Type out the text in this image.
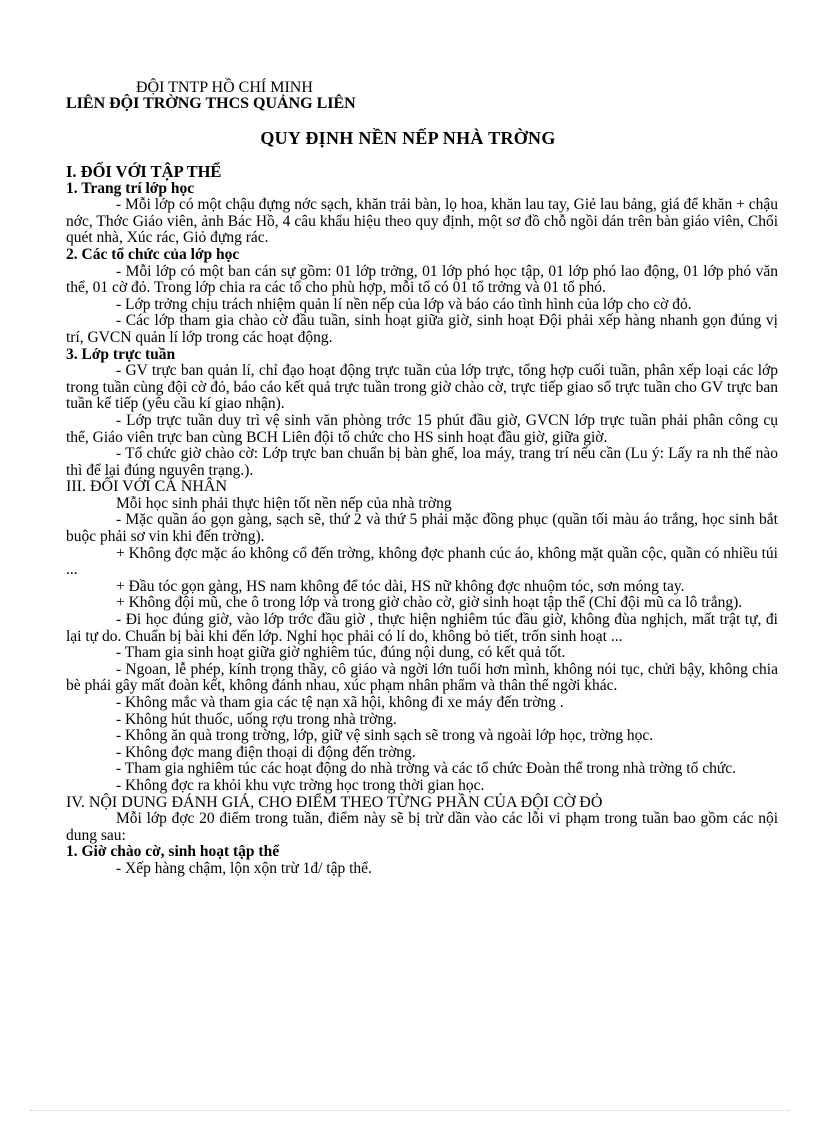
ĐỘI TNTP HỒ CHÍ MINH
LIÊN ĐỘI TRỜNG THCS QUẢNG LIÊN
QUY ĐỊNH NỀN NẾP NHÀ TRỜNG

I. ĐỐI VỚI TẬP THỂ

1. Trang trí lớp học

- Mỗi lớp có một chậu đựng nớc sạch, khăn trải bàn, lọ hoa, khăn lau tay, Giẻ lau bảng, giá để khăn + chậu nớc, Thớc Giáo viên, ảnh Bác Hồ, 4 câu khẩu hiệu theo quy định, một sơ đồ chỗ ngồi dán trên bàn giáo viên, Chổi quét nhà, Xúc rác, Giỏ đựng rác.

2. Các tổ chức của lớp học

- Mỗi lớp có một ban cán sự gồm: 01 lớp trởng, 01 lớp phó học tập, 01 lớp phó lao động, 01 lớp phó văn thể, 01 cờ đỏ. Trong lớp chia ra các tổ cho phù hợp, mỗi tổ có 01 tổ trởng và 01 tổ phó.

- Lớp trởng chịu trách nhiệm quản lí nền nếp của lớp và báo cáo tình hình của lớp cho cờ đỏ.

- Các lớp tham gia chào cờ đầu tuần, sinh hoạt giữa giờ, sinh hoạt Đội phải xếp hàng nhanh gọn đúng vị trí, GVCN quản lí lớp trong các hoạt động.

3. Lớp trực tuần

- GV trực ban quản lí, chỉ đạo hoạt động trực tuần của lớp trực, tổng hợp cuối tuần, phân xếp loại các lớp trong tuần cùng đội cờ đỏ, báo cáo kết quả trực tuần trong giờ chào cờ, trực tiếp giao sổ trực tuần cho GV trực ban tuần kế tiếp (yêu cầu kí giao nhận).

- Lớp trực tuần duy trì vệ sinh văn phòng trớc 15 phút đầu giờ, GVCN lớp trực tuần phải phân công cụ thể, Giáo viên trực ban cùng BCH Liên đội tổ chức cho HS sinh hoạt đầu giờ, giữa giờ.

- Tổ chức giờ chào cờ: Lớp trực ban chuẩn bị bàn ghế, loa máy, trang trí nếu cần (Lu ý: Lấy ra nh thế nào thì để lại đúng nguyên trạng.).

III. ĐỐI VỚI CÁ NHÂN

Mỗi học sinh phải thực hiện tốt nền nếp của nhà trờng

- Mặc quần áo gọn gàng, sạch sẽ, thứ 2 và thứ 5 phải mặc đồng phục (quần tối màu áo trắng, học sinh bắt buộc phải sơ vin khi đến trờng).

+ Không đợc mặc áo không cổ đến trờng, không đợc phanh cúc áo, không mặt quần cộc, quần có nhiều túi ...

+ Đầu tóc gọn gàng, HS nam không để tóc dài, HS nữ không đợc nhuộm tóc, sơn móng tay.

+ Không đội mũ, che ô trong lớp và trong giờ chào cờ, giờ sinh hoạt tập thể (Chỉ đội mũ ca lô trắng).

- Đi học đúng giờ, vào lớp trớc đầu giờ , thực hiện nghiêm túc đầu giờ, không đùa nghịch, mất trật tự, đi lại tự do. Chuẩn bị bài khi đến lớp. Nghỉ học phải có lí do, không bỏ tiết, trốn sinh hoạt ...

- Tham gia sinh hoạt giữa giờ nghiêm túc, đúng nội dung, có kết quả tốt.

- Ngoan, lễ phép, kính trọng thầy, cô giáo và ngời lớn tuổi hơn mình, không nói tục, chửi bậy, không chia bè phái gây mất đoàn kết, không đánh nhau, xúc phạm nhân phẩm và thân thể ngời khác.

- Không mắc và tham gia các tệ nạn xã hội, không đi xe máy đến trờng .

- Không hút thuốc, uống rợu trong nhà trờng.

- Không ăn quà trong trờng, lớp, giữ vệ sinh sạch sẽ trong và ngoài lớp học, trờng học.

- Không đợc mang điện thoại di động đến trờng.

- Tham gia nghiêm túc các hoạt động do nhà trờng và các tổ chức Đoàn thể trong nhà trờng tổ chức.

- Không đợc ra khỏi khu vực trờng học trong thời gian học.

IV. NỘI DUNG ĐÁNH GIÁ, CHO ĐIỂM THEO TỪNG PHẦN CỦA ĐỘI CỜ ĐỎ

Mỗi lớp đợc 20 điểm trong tuần, điểm này sẽ bị trừ dần vào các lỗi vi phạm trong tuần bao gồm các nội dung sau:

1. Giờ chào cờ, sinh hoạt tập thể

- Xếp hàng chậm, lộn xộn trừ 1đ/ tập thể.
